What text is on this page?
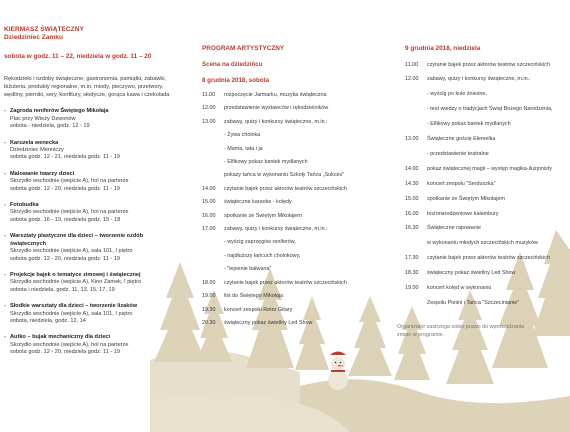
KIERMASZ ŚWIĄTECZNY
Dziedziniec Zamku
sobota w godz. 11 – 22, niedziela w godz. 11 – 20
Rękodzieło i ozdoby świąteczne, gastronomia, pamiątki, zabawki, biżuteria, produkty regionalne, m.in. miody, pieczywo, przetwory, wędliny, pierniki, sery, konfitury, słodycze, gorąca kawa i czekolada
- Zagroda reniferów Świętego Mikołaja
Plac przy Wieży Dzwonów
sobota - niedziela, godz. 12 - 19
- Karuzela wenecka
Dziedziniec Menniczy
sobota godz. 12 - 21, niedziela godz. 11 - 19
- Malowanie twarzy dzieci
Skrzydło wschodnie (wejście A), hol na parterze
sobota godz. 12 - 20, niedziela godz. 11 - 19
- Fotobudka
Skrzydło wschodnie (wejście A), hol na parterze
sobota godz. 16 - 19, niedziela godz. 15 - 18
- Warsztaty plastyczne dla dzieci – tworzenie ozdób świątecznych
Skrzydło wschodnie (wejście A), sala 101, I piętro
sobota godz. 12 - 20, niedziela godz. 11 - 19
- Projekcje bajek o tematyce zimowej i świątecznej
Skrzydło wschodnie (wejście A), Kino Zamek, I piętro
sobota i niedziela, godz. 11, 13, 15, 17, 19
- Słodkie warsztaty dla dzieci – tworzenie lizaków
Skrzydło wschodnie (wejście A), sala 101, I piętro
sobota, niedziela, godz. 12, 14
- Autko – bujak mechaniczny dla dzieci
Skrzydło wschodnie (wejście A), hol na parterze
sobota godz. 12 - 20, niedziela godz. 11 - 19
PROGRAM ARTYSTYCZNY
Scena na dziedzińcu
8 grudnia 2018, sobota
11.00	rozpoczęcie Jarmarku, muzyka świąteczna
12.00	przedstawienie wystawców i rękodzielników
13.00	zabawy, quizy i konkursy świąteczne, m.in.:
- Żywa choinka
- Mama, tata i ja
- Elfikowy pokaz baniek mydlanych
pokazy tańca w wykonaniu Szkoły Tańca „Sukces"
14.00	czytanie bajek przez aktorów teatrów szczecińskich
15.00	świąteczne karaoke - kolędy
16.00	spotkanie ze Świętym Mikołajem
17.00	zabawy, quizy i konkursy świąteczne, m.in.:
- wyścig zaprzęgów reniferów,
- najdłuższy łańcuch choinkowy,
- "lepienie bałwana"
18.00	czytanie bajek przez aktorów teatrów szczecińskich
19.00	list do Świętego Mikołaja
19.30	koncert zespołu Retro Gitary
20.30	świąteczny pokaz świetlny Led Show
9 grudnia 2018, niedziela
11.00	czytanie bajek przez aktorów teatrów szczecińskich
12.00	zabawy, quizy i konkursy świąteczne, m.in.:
- wyścig po kule śnieżne,
- test wiedzy o tradycjach Świąt Bożego Narodzenia,
- Elfikowy pokaz baniek mydlanych
13.00	Świąteczne gościę Elemelka
- przedstawienie teatralne
14.00	pokaz świątecznej magii – występ magika-iluzjonisty
14.30	koncert zespołu "Serduszka"
15.00	spotkanie ze Świętym Mikołajem
16.00	bożonarodzeniowe kalambury
16.30	Świąteczne rapowanie
w wykonaniu młodych szczecińskich muzyków
17.30	czytanie bajek przez aktorów teatrów szczecińskich
18.30	świąteczny pokaz świetlny Led Show
19.00	koncert kolęd w wykonaniu
Zespołu Pieśni i Tańca "Szczecinianie"
Organizator zastrzega sobie prawo do wprowadzania zmian w programie.
